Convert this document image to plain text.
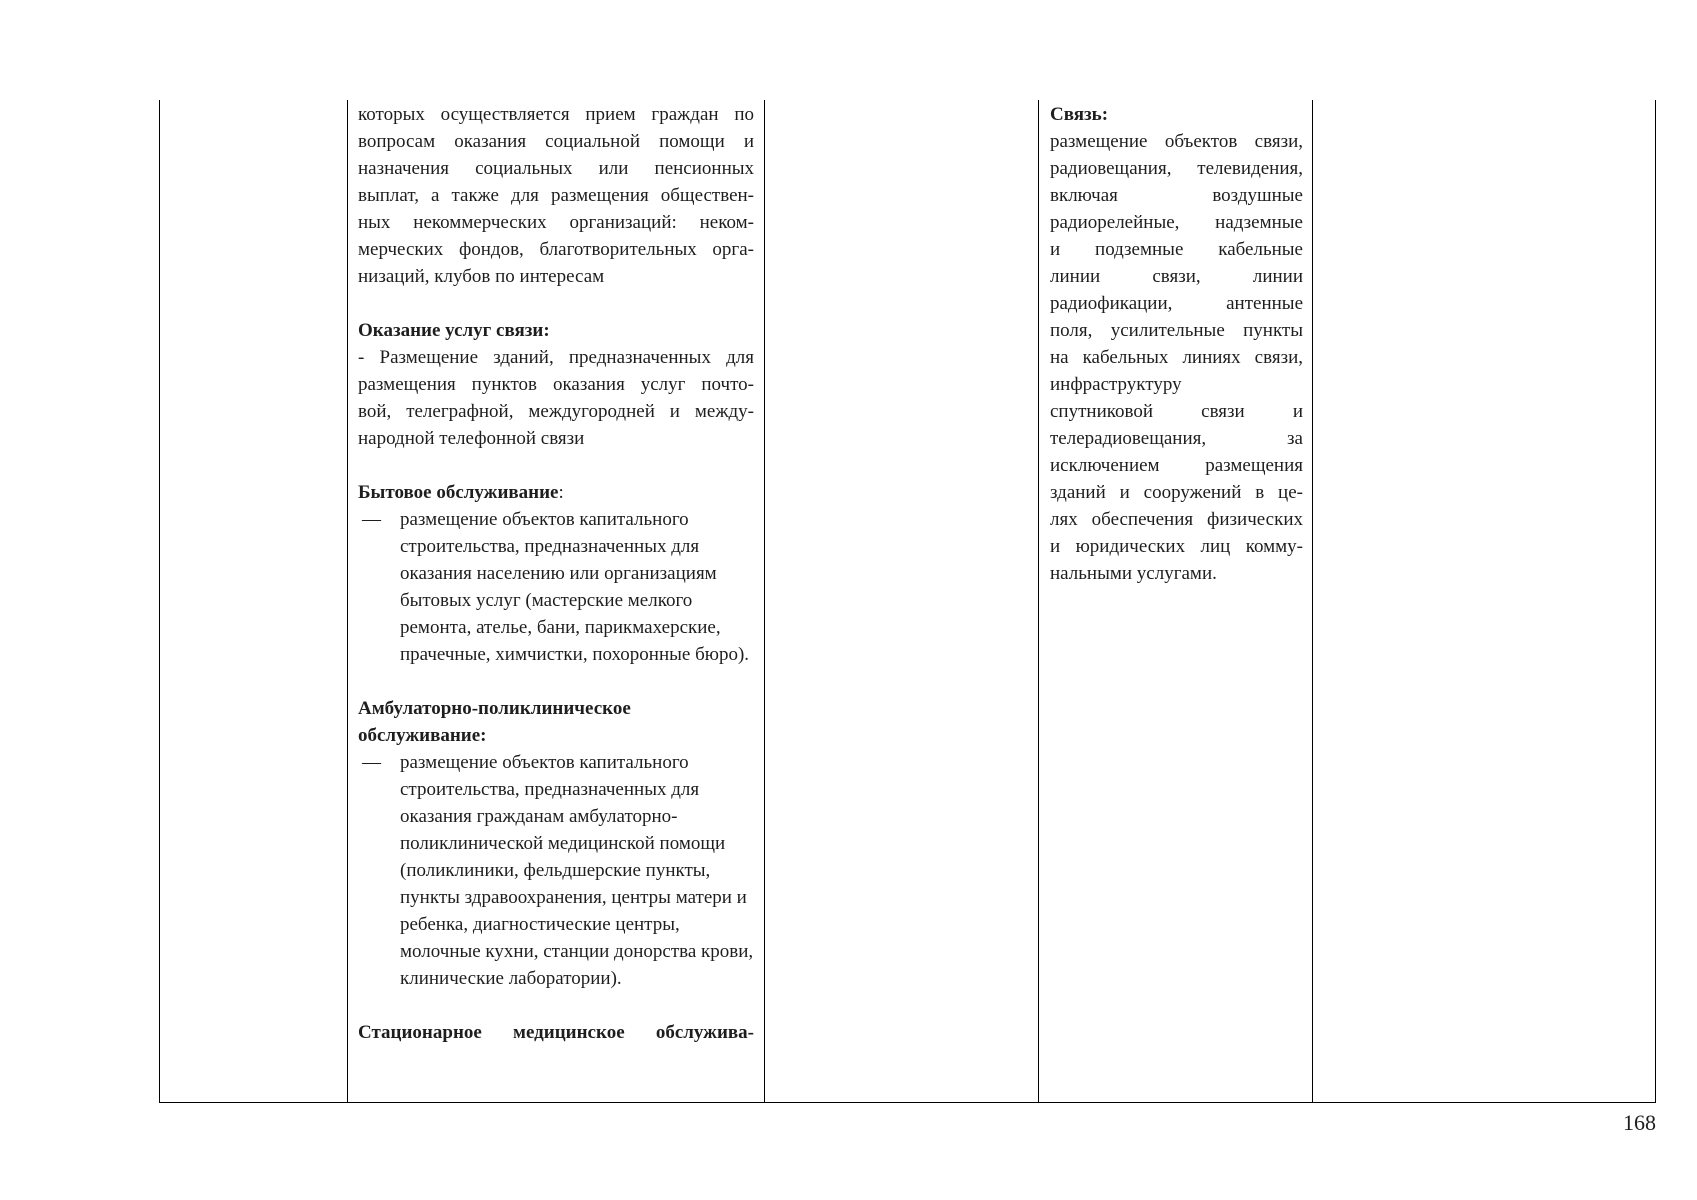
которых осуществляется прием граждан по

вопросам оказания социальной помощи и

назначения социальных или пенсионных

выплат, а также для размещения обществен-

ных некоммерческих организаций: неком-

мерческих фондов, благотворительных орга-

низаций, клубов по интересам

Оказание услуг связи:

- Размещение зданий, предназначенных для

размещения пунктов оказания услуг почто-

вой, телеграфной, междугородней и между-

народной телефонной связи

Бытовое обслуживание:

— размещение объектов капитального строительства, предназначенных для оказания населению или организациям бытовых услуг (мастерские мелкого ремонта, ателье, бани, парикмахерские, прачечные, химчистки, похоронные бюро).

Амбулаторно-поликлиническое обслуживание:

— размещение объектов капитального строительства, предназначенных для оказания гражданам амбулаторно-поликлинической медицинской помощи (поликлиники, фельдшерские пункты, пункты здравоохранения, центры матери и ребенка, диагностические центры, молочные кухни, станции донорства крови, клинические лаборатории).

Стационарное медицинское обслужива-

Связь:

размещение объектов связи,

радиовещания, телевидения,

включая воздушные

радиорелейные, надземные

и подземные кабельные

линии связи, линии

радиофикации, антенные

поля, усилительные пункты

на кабельных линиях связи,

инфраструктуру

спутниковой связи и

телерадиовещания, за

исключением размещения

зданий и сооружений в це-

лях обеспечения физических

и юридических лиц комму-

нальными услугами.

168
